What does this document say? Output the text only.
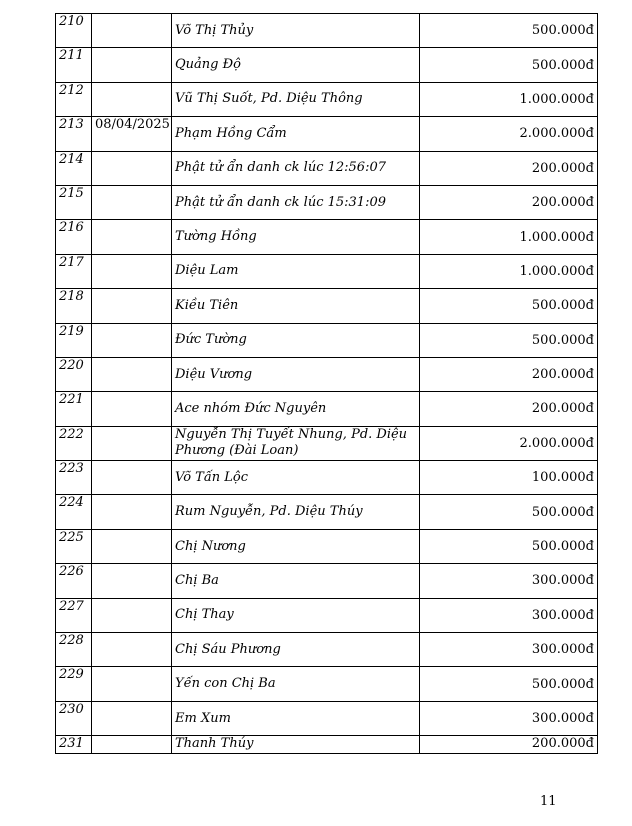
210		Võ Thị Thủy	500.000đ
211		Quảng Độ	500.000đ
212		Vũ Thị Suốt, Pd. Diệu Thông	1.000.000đ
213	08/04/2025	Phạm Hồng Cẩm	2.000.000đ
214		Phật tử ẩn danh ck lúc 12:56:07	200.000đ
215		Phật tử ẩn danh ck lúc 15:31:09	200.000đ
216		Tường Hồng	1.000.000đ
217		Diệu Lam	1.000.000đ
218		Kiều Tiên	500.000đ
219		Đức Tường	500.000đ
220		Diệu Vương	200.000đ
221		Ace nhóm Đức Nguyên	200.000đ
222		Nguyễn Thị Tuyết Nhung, Pd. Diệu Phương (Đài Loan)	2.000.000đ
223		Võ Tấn Lộc	100.000đ
224		Rum Nguyễn, Pd. Diệu Thúy	500.000đ
225		Chị Nương	500.000đ
226		Chị Ba	300.000đ
227		Chị Thay	300.000đ
228		Chị Sáu Phương	300.000đ
229		Yến con Chị Ba	500.000đ
230		Em Xum	300.000đ
231		Thanh Thúy	200.000đ
11
